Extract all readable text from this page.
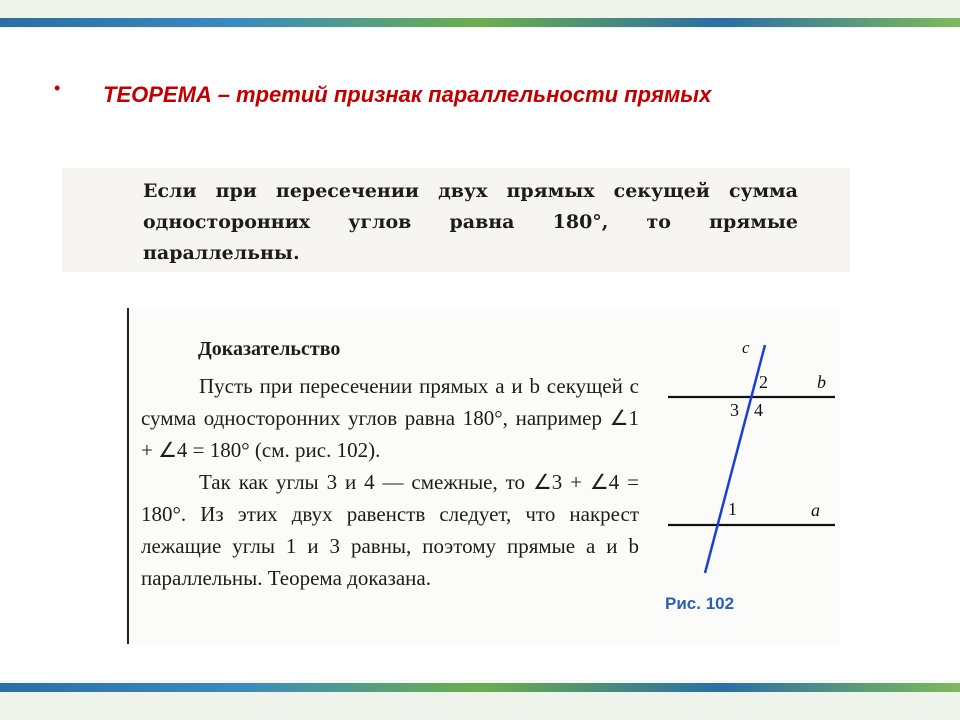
• ТЕОРЕМА – третий признак параллельности прямых
Если при пересечении двух прямых секущей сумма односторонних углов равна 180°, то прямые параллельны.
Доказательство

Пусть при пересечении прямых a и b секущей c сумма односторонних углов равна 180°, например ∠1 + ∠4 = 180° (см. рис. 102).

Так как углы 3 и 4 — смежные, то ∠3 + ∠4 = 180°. Из этих двух равенств следует, что накрест лежащие углы 1 и 3 равны, поэтому прямые a и b параллельны. Теорема доказана.

c
b
a
2
3 4
1
Рис. 102
